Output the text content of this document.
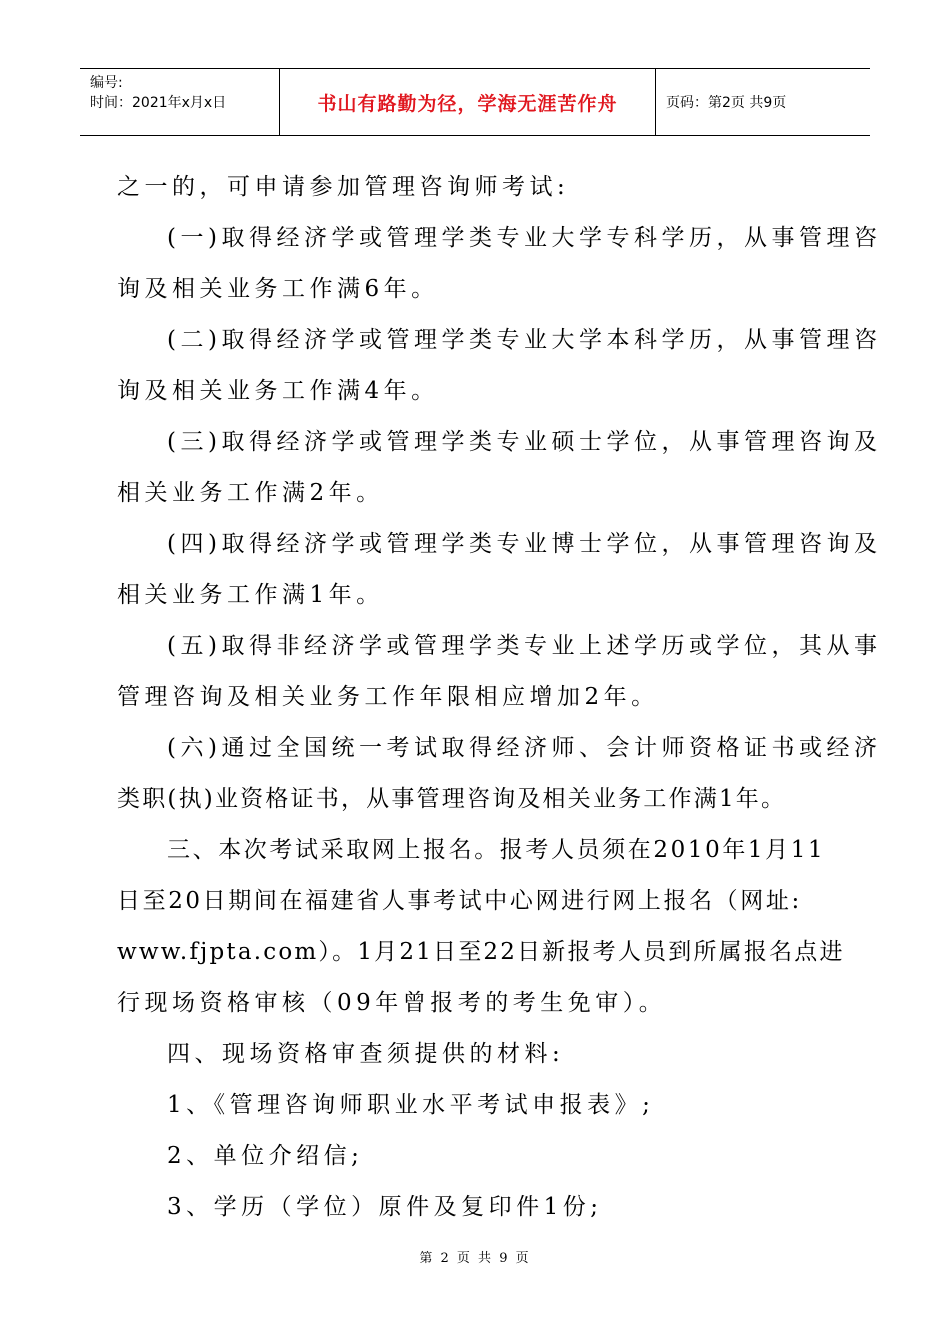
编号:
时间：2021年x月x日	书山有路勤为径，学海无涯苦作舟	页码：第2页 共9页

之一的，可申请参加管理咨询师考试:

(一)取得经济学或管理学类专业大学专科学历，从事管理咨

询及相关业务工作满6年。

(二)取得经济学或管理学类专业大学本科学历，从事管理咨

询及相关业务工作满4年。

(三)取得经济学或管理学类专业硕士学位，从事管理咨询及

相关业务工作满2年。

(四)取得经济学或管理学类专业博士学位，从事管理咨询及

相关业务工作满1年。

(五)取得非经济学或管理学类专业上述学历或学位，其从事

管理咨询及相关业务工作年限相应增加2年。

(六)通过全国统一考试取得经济师、会计师资格证书或经济

类职(执)业资格证书，从事管理咨询及相关业务工作满1年。

三、本次考试采取网上报名。报考人员须在2010年1月11

日至20日期间在福建省人事考试中心网进行网上报名（网址:

www.fjpta.com）。1月21日至22日新报考人员到所属报名点进

行现场资格审核（09年曾报考的考生免审）。

四、现场资格审查须提供的材料:

1、《管理咨询师职业水平考试申报表》;

2、单位介绍信;

3、学历（学位）原件及复印件1份;

第 2 页 共 9 页
